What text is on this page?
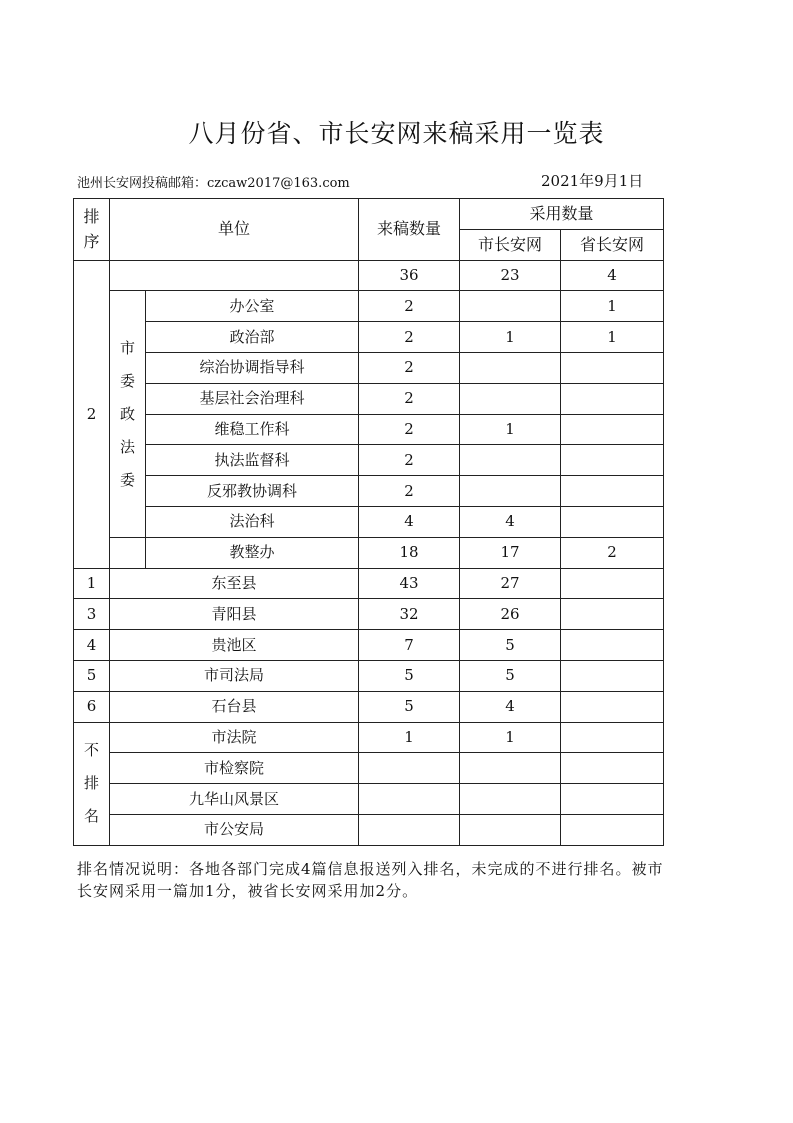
八月份省、市长安网来稿采用一览表
池州长安网投稿邮箱：czcaw2017@163.com	2021年9月1日
排序	单位		来稿数量	采用数量	
				市长安网	省长安网
2			36	23	4
	市委政法委	办公室	2		1
		政治部	2	1	1
		综治协调指导科	2		
		基层社会治理科	2		
		维稳工作科	2	1	
		执法监督科	2		
		反邪教协调科	2		
		法治科	4	4	
		教整办	18	17	2
1	东至县		43	27	
3	青阳县		32	26	
4	贵池区		7	5	
5	市司法局		5	5	
6	石台县		5	4	
不排名	市法院		1	1	
	市检察院				
	九华山风景区				
	市公安局				
排名情况说明：各地各部门完成4篇信息报送列入排名，未完成的不进行排名。被市长安网采用一篇加1分，被省长安网采用加2分。
